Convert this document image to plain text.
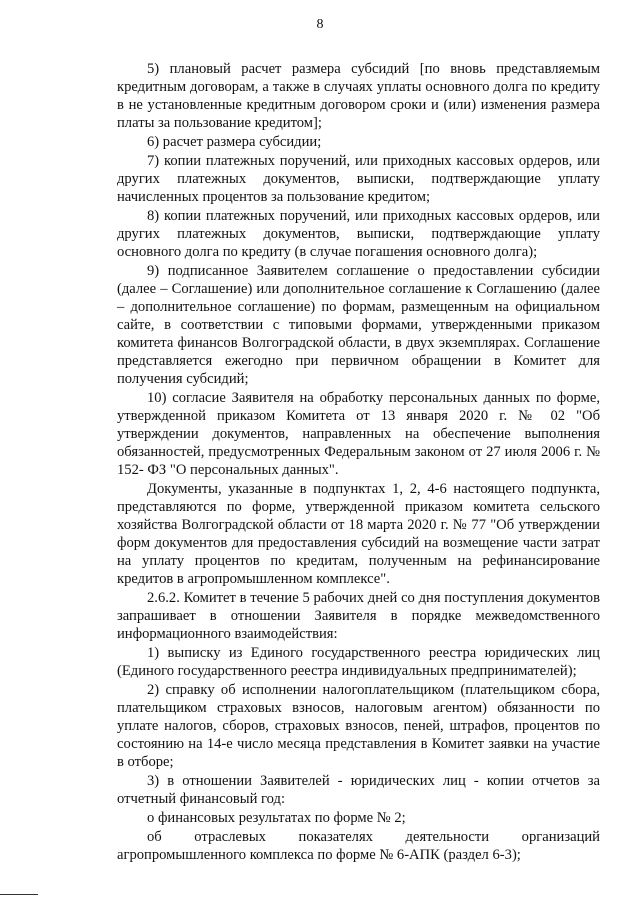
8

5) плановый расчет размера субсидий [по вновь представляемым кредитным договорам, а также в случаях уплаты основного долга по кредиту в не установленные кредитным договором сроки и (или) изменения размера платы за пользование кредитом];

6) расчет размера субсидии;

7) копии платежных поручений, или приходных кассовых ордеров, или других платежных документов, выписки, подтверждающие уплату начисленных процентов за пользование кредитом;

8) копии платежных поручений, или приходных кассовых ордеров, или других платежных документов, выписки, подтверждающие уплату основного долга по кредиту (в случае погашения основного долга);

9) подписанное Заявителем соглашение о предоставлении субсидии (далее – Соглашение) или дополнительное соглашение к Соглашению (далее – дополнительное соглашение) по формам, размещенным на официальном сайте, в соответствии с типовыми формами, утвержденными приказом комитета финансов Волгоградской области, в двух экземплярах. Соглашение представляется ежегодно при первичном обращении в Комитет для получения субсидий;

10) согласие Заявителя на обработку персональных данных по форме, утвержденной приказом Комитета от 13 января 2020 г. № 02 "Об утверждении документов, направленных на обеспечение выполнения обязанностей, предусмотренных Федеральным законом от 27 июля 2006 г. № 152- ФЗ "О персональных данных".

Документы, указанные в подпунктах 1, 2, 4-6 настоящего подпункта, представляются по форме, утвержденной приказом комитета сельского хозяйства Волгоградской области от 18 марта 2020 г. № 77 "Об утверждении форм документов для предоставления субсидий на возмещение части затрат на уплату процентов по кредитам, полученным на рефинансирование кредитов в агропромышленном комплексе".

2.6.2. Комитет в течение 5 рабочих дней со дня поступления документов запрашивает в отношении Заявителя в порядке межведомственного информационного взаимодействия:

1) выписку из Единого государственного реестра юридических лиц (Единого государственного реестра индивидуальных предпринимателей);

2) справку об исполнении налогоплательщиком (плательщиком сбора, плательщиком страховых взносов, налоговым агентом) обязанности по уплате налогов, сборов, страховых взносов, пеней, штрафов, процентов по состоянию на 14-е число месяца представления в Комитет заявки на участие в отборе;

3) в отношении Заявителей - юридических лиц - копии отчетов за отчетный финансовый год:

о финансовых результатах по форме № 2;

об отраслевых показателях деятельности организаций агропромышленного комплекса по форме № 6-АПК (раздел 6-3);
